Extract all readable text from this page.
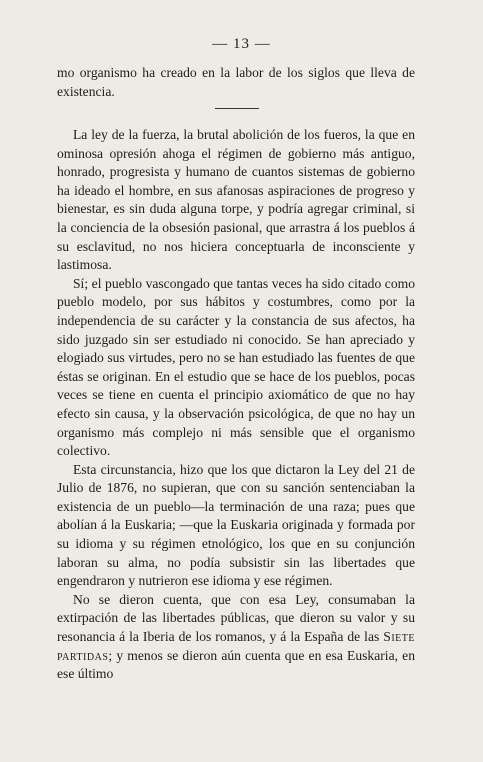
— 13 —

mo organismo ha creado en la labor de los siglos que lleva de existencia.

La ley de la fuerza, la brutal abolición de los fueros, la que en ominosa opresión ahoga el régimen de gobierno más antiguo, honrado, progresista y humano de cuantos sistemas de gobierno ha ideado el hombre, en sus afanosas aspiraciones de progreso y bienestar, es sin duda alguna torpe, y podría agregar criminal, si la conciencia de la obsesión pasional, que arrastra á los pueblos á su esclavitud, no nos hiciera conceptuarla de inconsciente y lastimosa.

Sí; el pueblo vascongado que tantas veces ha sido citado como pueblo modelo, por sus hábitos y costumbres, como por la independencia de su carácter y la constancia de sus afectos, ha sido juzgado sin ser estudiado ni conocido. Se han apreciado y elogiado sus virtudes, pero no se han estudiado las fuentes de que éstas se originan. En el estudio que se hace de los pueblos, pocas veces se tiene en cuenta el principio axiomático de que no hay efecto sin causa, y la observación psicológica, de que no hay un organismo más complejo ni más sensible que el organismo colectivo.

Esta circunstancia, hizo que los que dictaron la Ley del 21 de Julio de 1876, no supieran, que con su sanción sentenciaban la existencia de un pueblo—la terminación de una raza; pues que abolían á la Euskaria; —que la Euskaria originada y formada por su idioma y su régimen etnológico, los que en su conjunción laboran su alma, no podía subsistir sin las libertades que engendraron y nutrieron ese idioma y ese régimen.

No se dieron cuenta, que con esa Ley, consumaban la extirpación de las libertades públicas, que dieron su valor y su resonancia á la Iberia de los romanos, y á la España de las Siete partidas; y menos se dieron aún cuenta que en esa Euskaria, en ese último
